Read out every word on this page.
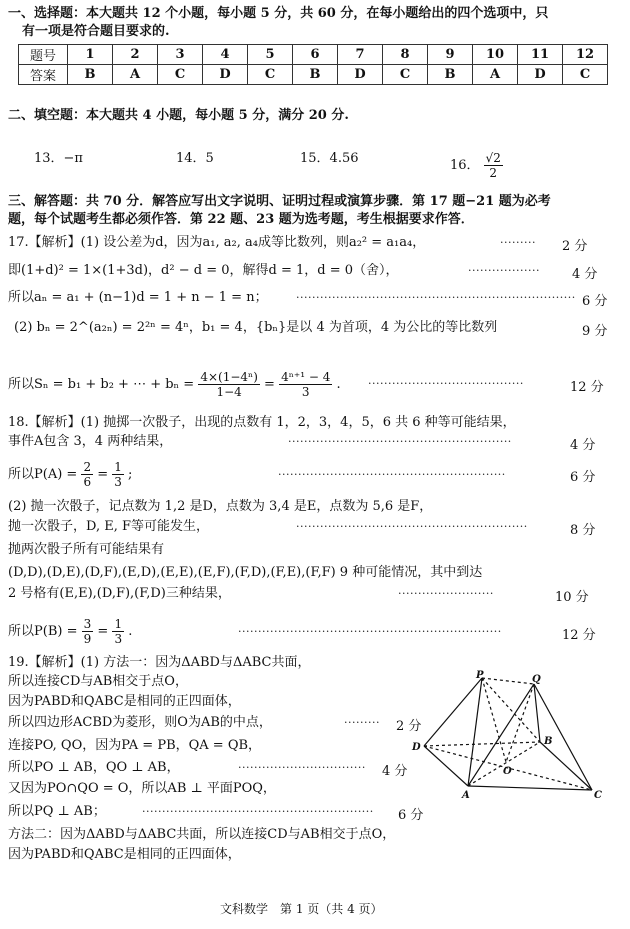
一、选择题：本大题共 12 个小题，每小题 5 分，共 60 分，在每小题给出的四个选项中，只
有一项是符合题目要求的.
题号	1	2	3	4	5	6	7	8	9	10	11	12
答案	B	A	C	D	C	B	D	C	B	A	D	C
二、填空题：本大题共 4 小题，每小题 5 分，满分 20 分.
13．−π	14．5	15．4.56	16． $\frac{√2}{2}$
三、解答题：共 70 分．解答应写出文字说明、证明过程或演算步骤．第 17 题−21 题为必考
题，每个试题考生都必须作答．第 22 题、23 题为选考题，考生根据要求作答．
17.【解析】(1) 设公差为d，因为a₁, a₂, a₄成等比数列，则a₂² = a₁a₄，	········· 2 分
即(1+d)² = 1×(1+3d)，d² − d = 0，解得d = 1，d = 0（舍），	·················· 4 分
所以aₙ = a₁ + (n−1)d = 1 + n − 1 = n；	······································································ 6 分
(2) bₙ = 2^(a₂ₙ) = 2²ⁿ = 4ⁿ，b₁ = 4，{bₙ}是以 4 为首项，4 为公比的等比数列	9 分
所以Sₙ = b₁ + b₂ + ⋯ + $b_n = \frac{\text{4×(1−4ⁿ)}}{1-4} = \frac{\text{4ⁿ⁺¹ − 4}}{3}$ . ·······································	12 分
18.【解析】(1) 抛掷一次骰子，出现的点数有 1，2，3，4，5，6 共 6 种等可能结果，
事件A包含 3，4 两种结果，	························································	4 分
所以$P(A) = \frac{2}{6} = \frac{1}{3}$ ;	·························································	6 分
(2) 抛一次骰子，记点数为 1,2 是D，点数为 3,4 是E，点数为 5,6 是F，
抛一次骰子，D, E, F等可能发生，	··························································	8 分
抛两次骰子所有可能结果有
(D,D),(D,E),(D,F),(E,D),(E,E),(E,F),(F,D),(F,E),(F,F) 9 种可能情况，其中到达
2 号格有(E,E),(D,F),(F,D)三种结果，	························	10 分
所以$P(B) = \frac{3}{9} = \frac{1}{3}$ .	··································································	12 分
19.【解析】(1) 方法一：因为ΔABD与ΔABC共面，
所以连接CD与AB相交于点O，
因为PABD和QABC是相同的正四面体，
所以四边形ACBD为菱形，则O为AB的中点，	········· 2 分
连接PO, QO，因为PA = PB，QA = QB，
所以PO ⊥ AB，QO ⊥ AB，	································ 4 分
又因为PO∩QO = O，所以AB ⊥ 平面POQ，
所以PQ ⊥ AB；	·························································· 6 分
方法二：因为ΔABD与ΔABC共面，所以连接CD与AB相交于点O，
因为PABD和QABC是相同的正四面体，
P	Q
D
B
O
A	C
文科数学　第 1 页（共 4 页）
